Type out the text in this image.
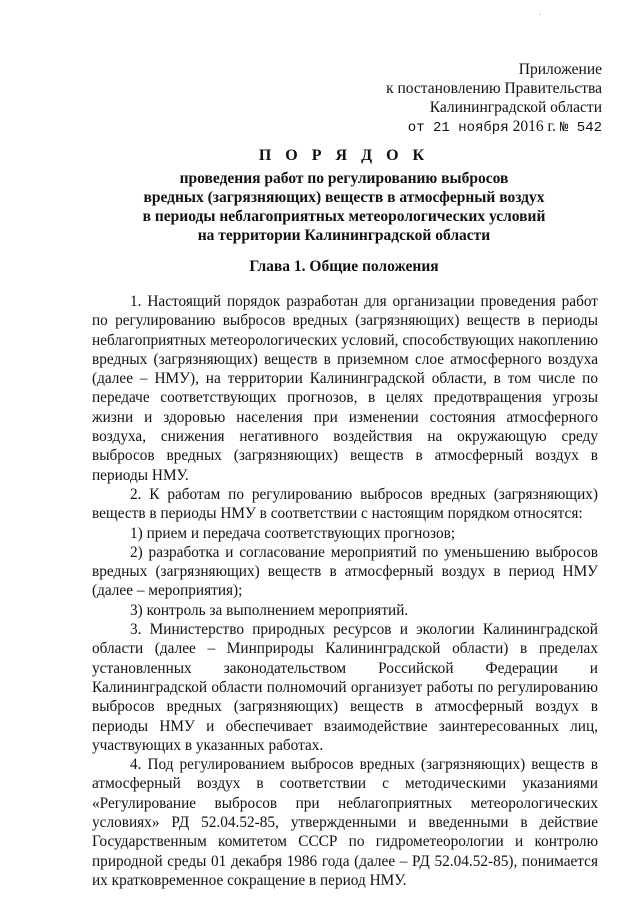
·
Приложение
к постановлению Правительства
Калининградской области
от 21 ноября 2016 г. № 542
П О Р Я Д О К
проведения работ по регулированию выбросов
вредных (загрязняющих) веществ в атмосферный воздух
в периоды неблагоприятных метеорологических условий
на территории Калининградской области
Глава 1. Общие положения

1. Настоящий порядок разработан для организации проведения работ по регулированию выбросов вредных (загрязняющих) веществ в периоды неблагоприятных метеорологических условий, способствующих накоплению вредных (загрязняющих) веществ в приземном слое атмосферного воздуха (далее – НМУ), на территории Калининградской области, в том числе по передаче соответствующих прогнозов, в целях предотвращения угрозы жизни и здоровью населения при изменении состояния атмосферного воздуха, снижения негативного воздействия на окружающую среду выбросов вредных (загрязняющих) веществ в атмосферный воздух в периоды НМУ.

2. К работам по регулированию выбросов вредных (загрязняющих) веществ в периоды НМУ в соответствии с настоящим порядком относятся:

1) прием и передача соответствующих прогнозов;

2) разработка и согласование мероприятий по уменьшению выбросов вредных (загрязняющих) веществ в атмосферный воздух в период НМУ (далее – мероприятия);

3) контроль за выполнением мероприятий.

3. Министерство природных ресурсов и экологии Калининградской области (далее – Минприроды Калининградской области) в пределах установленных законодательством Российской Федерации и Калининградской области полномочий организует работы по регулированию выбросов вредных (загрязняющих) веществ в атмосферный воздух в периоды НМУ и обеспечивает взаимодействие заинтересованных лиц, участвующих в указанных работах.

4. Под регулированием выбросов вредных (загрязняющих) веществ в атмосферный воздух в соответствии с методическими указаниями «Регулирование выбросов при неблагоприятных метеорологических условиях» РД 52.04.52-85, утвержденными и введенными в действие Государственным комитетом СССР по гидрометеорологии и контролю природной среды 01 декабря 1986 года (далее – РД 52.04.52-85), понимается их кратковременное сокращение в период НМУ.
